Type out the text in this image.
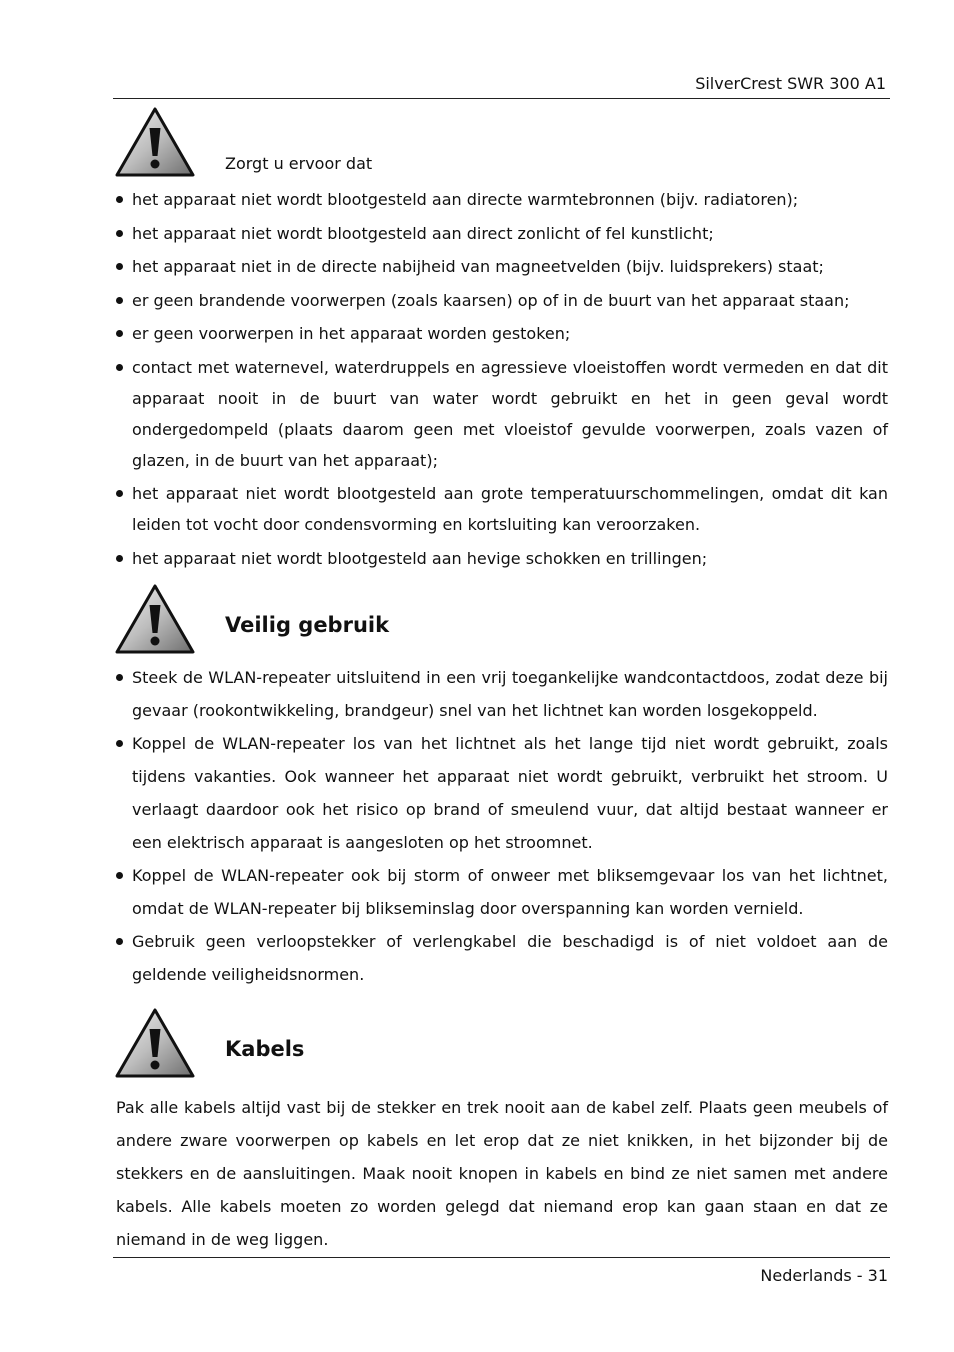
SilverCrest SWR 300 A1
Zorgt u ervoor dat
het apparaat niet wordt blootgesteld aan directe warmtebronnen (bijv. radiatoren);
het apparaat niet wordt blootgesteld aan direct zonlicht of fel kunstlicht;
het apparaat niet in de directe nabijheid van magneetvelden (bijv. luidsprekers) staat;
er geen brandende voorwerpen (zoals kaarsen) op of in de buurt van het apparaat staan;
er geen voorwerpen in het apparaat worden gestoken;
contact met waternevel, waterdruppels en agressieve vloeistoffen wordt vermeden en dat dit apparaat nooit in de buurt van water wordt gebruikt en het in geen geval wordt ondergedompeld (plaats daarom geen met vloeistof gevulde voorwerpen, zoals vazen of glazen, in de buurt van het apparaat);
het apparaat niet wordt blootgesteld aan grote temperatuurschommelingen, omdat dit kan leiden tot vocht door condensvorming en kortsluiting kan veroorzaken.
het apparaat niet wordt blootgesteld aan hevige schokken en trillingen;
Veilig gebruik
Steek de WLAN-repeater uitsluitend in een vrij toegankelijke wandcontactdoos, zodat deze bij gevaar (rookontwikkeling, brandgeur) snel van het lichtnet kan worden losgekoppeld.
Koppel de WLAN-repeater los van het lichtnet als het lange tijd niet wordt gebruikt, zoals tijdens vakanties. Ook wanneer het apparaat niet wordt gebruikt, verbruikt het stroom. U verlaagt daardoor ook het risico op brand of smeulend vuur, dat altijd bestaat wanneer er een elektrisch apparaat is aangesloten op het stroomnet.
Koppel de WLAN-repeater ook bij storm of onweer met bliksemgevaar los van het lichtnet, omdat de WLAN-repeater bij blikseminslag door overspanning kan worden vernield.
Gebruik geen verloopstekker of verlengkabel die beschadigd is of niet voldoet aan de geldende veiligheidsnormen.
Kabels

Pak alle kabels altijd vast bij de stekker en trek nooit aan de kabel zelf. Plaats geen meubels of andere zware voorwerpen op kabels en let erop dat ze niet knikken, in het bijzonder bij de stekkers en de aansluitingen. Maak nooit knopen in kabels en bind ze niet samen met andere kabels. Alle kabels moeten zo worden gelegd dat niemand erop kan gaan staan en dat ze niemand in de weg liggen.

Nederlands - 31
